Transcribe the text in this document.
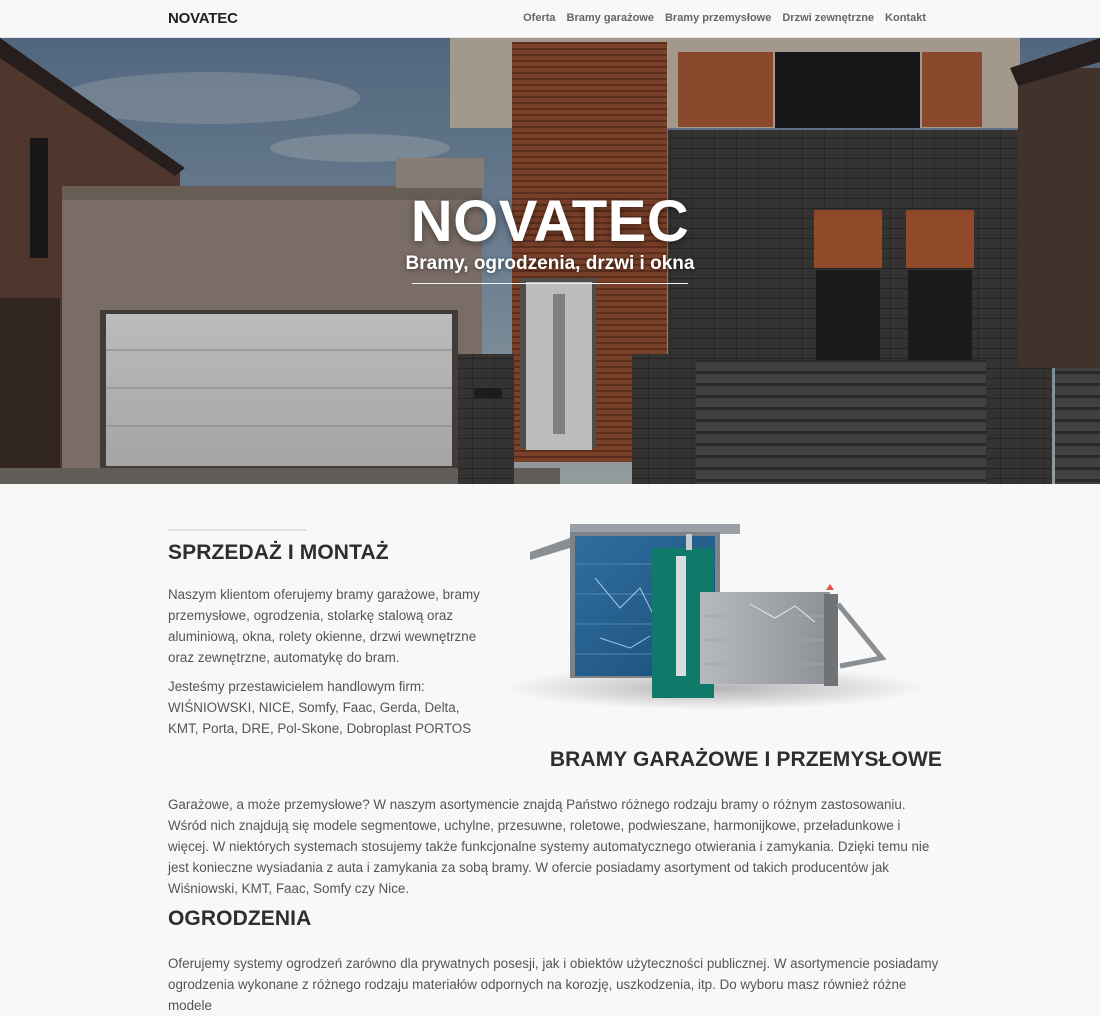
NOVATEC	Oferta Bramy garażowe Bramy przemysłowe Drzwi zewnętrzne Kontakt
NOVATEC
Bramy, ogrodzenia, drzwi i okna
SPRZEDAŻ I MONTAŻ

Naszym klientom oferujemy bramy garażowe, bramy przemysłowe, ogrodzenia, stolarkę stalową oraz aluminiową, okna, rolety okienne, drzwi wewnętrzne oraz zewnętrzne, automatykę do bram.

Jesteśmy przestawicielem handlowym firm: WIŚNIOWSKI, NICE, Somfy, Faac, Gerda, Delta, KMT, Porta, DRE, Pol-Skone, Dobroplast PORTOS

BRAMY GARAŻOWE I PRZEMYSŁOWE

Garażowe, a może przemysłowe? W naszym asortymencie znajdą Państwo różnego rodzaju bramy o różnym zastosowaniu. Wśród nich znajdują się modele segmentowe, uchylne, przesuwne, roletowe, podwieszane, harmonijkowe, przeładunkowe i więcej. W niektórych systemach stosujemy także funkcjonalne systemy automatycznego otwierania i zamykania. Dzięki temu nie jest konieczne wysiadania z auta i zamykania za sobą bramy. W ofercie posiadamy asortyment od takich producentów jak Wiśniowski, KMT, Faac, Somfy czy Nice.

OGRODZENIA

Oferujemy systemy ogrodzeń zarówno dla prywatnych posesji, jak i obiektów użyteczności publicznej. W asortymencie posiadamy ogrodzenia wykonane z różnego rodzaju materiałów odpornych na korozję, uszkodzenia, itp. Do wyboru masz również różne modele
